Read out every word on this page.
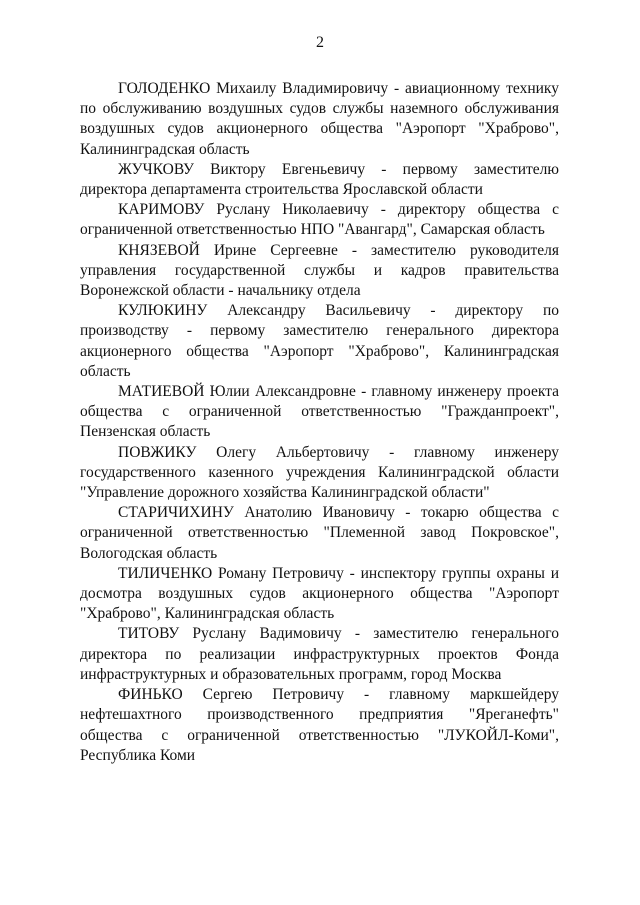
2

ГОЛОДЕНКО Михаилу Владимировичу - авиационному технику по обслуживанию воздушных судов службы наземного обслуживания воздушных судов акционерного общества "Аэропорт "Храброво", Калининградская область

ЖУЧКОВУ Виктору Евгеньевичу - первому заместителю директора департамента строительства Ярославской области

КАРИМОВУ Руслану Николаевичу - директору общества с ограниченной ответственностью НПО "Авангард", Самарская область

КНЯЗЕВОЙ Ирине Сергеевне - заместителю руководителя управления государственной службы и кадров правительства Воронежской области - начальнику отдела

КУЛЮКИНУ Александру Васильевичу - директору по производству - первому заместителю генерального директора акционерного общества "Аэропорт "Храброво", Калининградская область

МАТИЕВОЙ Юлии Александровне - главному инженеру проекта общества с ограниченной ответственностью "Гражданпроект", Пензенская область

ПОВЖИКУ Олегу Альбертовичу - главному инженеру государственного казенного учреждения Калининградской области "Управление дорожного хозяйства Калининградской области"

СТАРИЧИХИНУ Анатолию Ивановичу - токарю общества с ограниченной ответственностью "Племенной завод Покровское", Вологодская область

ТИЛИЧЕНКО Роману Петровичу - инспектору группы охраны и досмотра воздушных судов акционерного общества "Аэропорт "Храброво", Калининградская область

ТИТОВУ Руслану Вадимовичу - заместителю генерального директора по реализации инфраструктурных проектов Фонда инфраструктурных и образовательных программ, город Москва

ФИНЬКО Сергею Петровичу - главному маркшейдеру нефтешахтного производственного предприятия "Яреганефть" общества с ограниченной ответственностью "ЛУКОЙЛ-Коми", Республика Коми
